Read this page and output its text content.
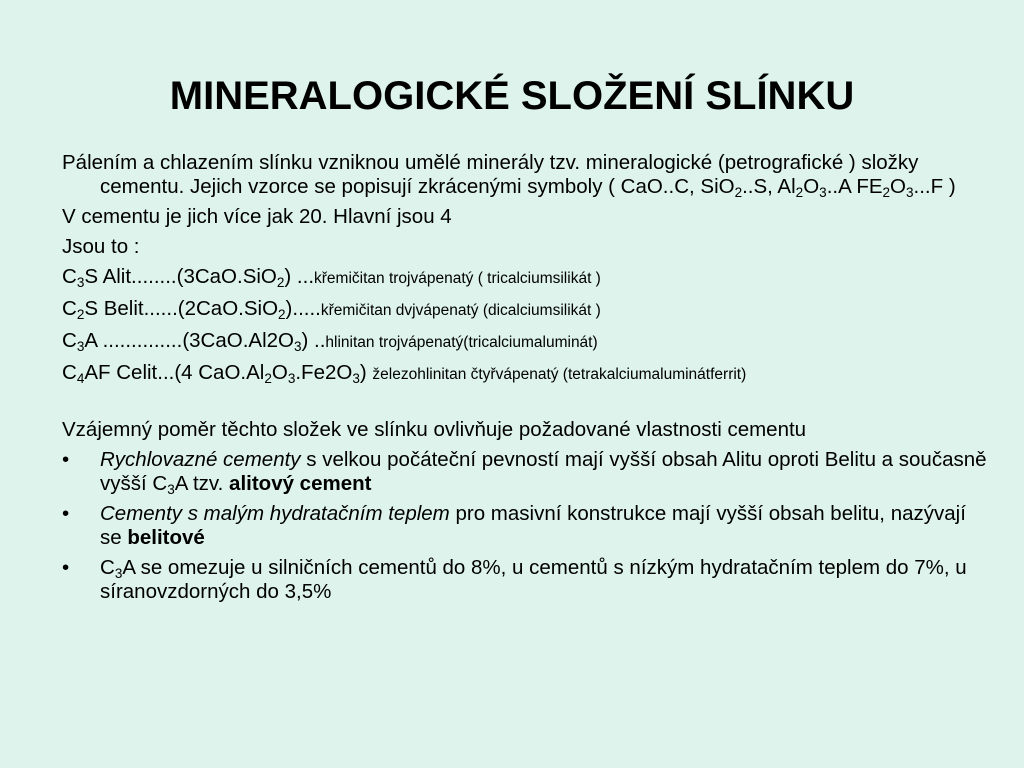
MINERALOGICKÉ SLOŽENÍ SLÍNKU
Pálením a chlazením slínku vzniknou umělé minerály tzv. mineralogické (petrografické ) složky cementu. Jejich vzorce se popisují zkrácenými symboly ( CaO..C, SiO$_2$..S, $Al_2O_3..A$ $FE_2O_3...F$ )
V cementu je jich více jak 20. Hlavní jsou 4
Jsou to :
$C_3S$ Alit........(3CaO.SiO$_2$) ...křemičitan trojvápenatý ( tricalciumsilikát )
$C_2S$ Belit......(2CaO.SiO$_2$).....křemičitan dvjvápenatý (dicalciumsilikát )
$C_3A$ $..............(3CaO.Al2O_3)$ ..hlinitan trojvápenatý(tricalciumaluminát)
$C_4AF$ Celit...(4 $CaO.Al_2O_3.Fe2O_3$) železohlinitan čtyřvápenatý (tetrakalciumaluminátferrit)
Vzájemný poměr těchto složek ve slínku ovlivňuje požadované vlastnosti cementu
• Rychlovazné cementy s velkou počáteční pevností mají vyšší obsah Alitu oproti Belitu a současně vyšší $C_3A$ tzv. alitový cement
• Cementy s malým hydratačním teplem pro masivní konstrukce mají vyšší obsah belitu, nazývají se belitové
• $C_3A$ se omezuje u silničních cementů do 8%, u cementů s nízkým hydratačním teplem do 7%, u síranovzdorných do 3,5%
